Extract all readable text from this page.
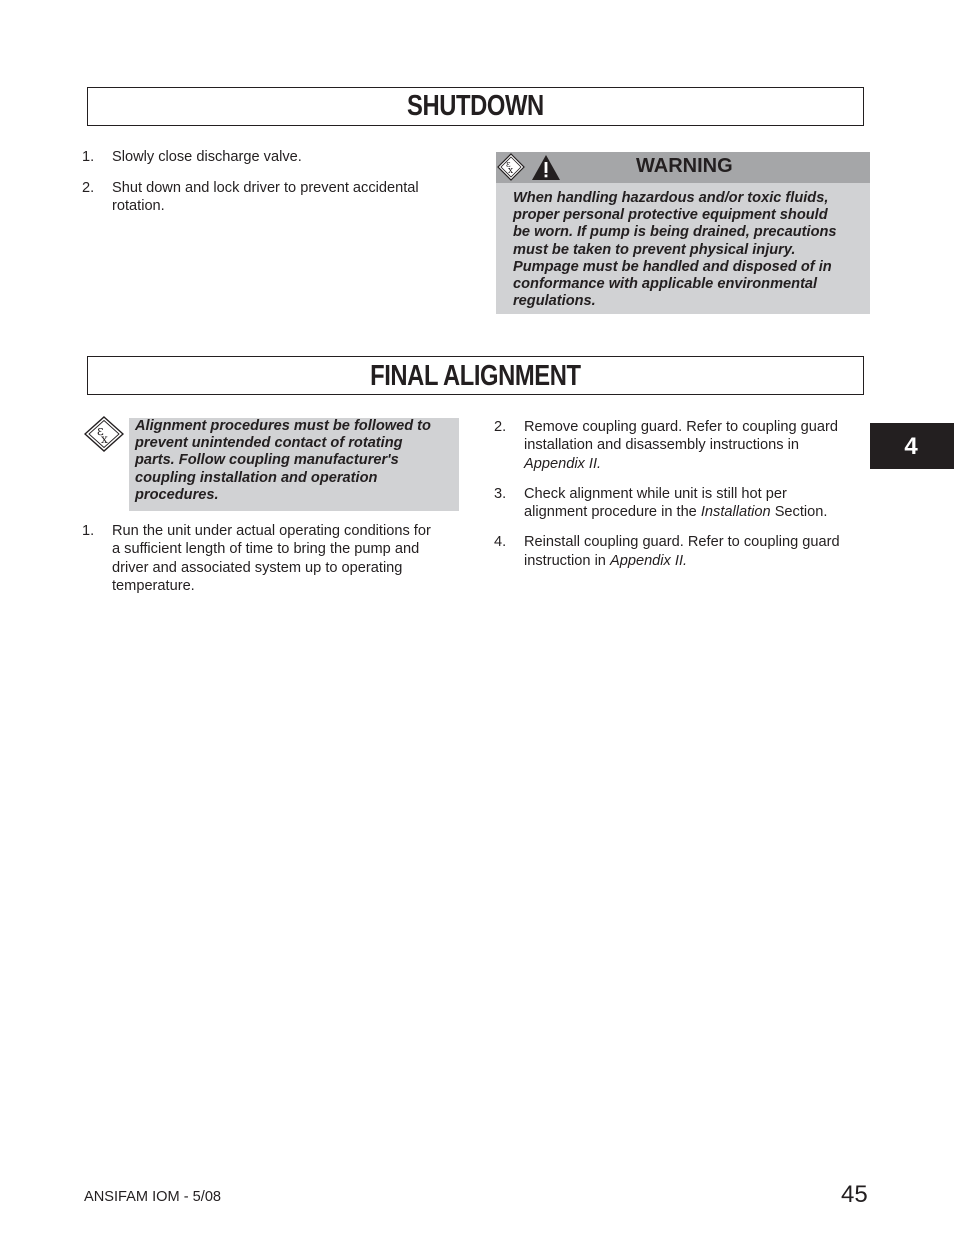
SHUTDOWN
1. Slowly close discharge valve.
2. Shut down and lock driver to prevent accidental
rotation.
ε
x	WARNING
When handling hazardous and/or toxic fluids,
proper personal protective equipment should
be worn. If pump is being drained, precautions
must be taken to prevent physical injury.
Pumpage must be handled and disposed of in
conformance with applicable environmental
regulations.
FINAL ALIGNMENT
ε
x
Alignment procedures must be followed to
prevent unintended contact of rotating
parts. Follow coupling manufacturer's
coupling installation and operation
procedures.
1. Run the unit under actual operating conditions for
a sufficient length of time to bring the pump and
driver and associated system up to operating
temperature.
2. Remove coupling guard. Refer to coupling guard
installation and disassembly instructions in
Appendix II.
3. Check alignment while unit is still hot per
alignment procedure in the Installation Section.
4. Reinstall coupling guard. Refer to coupling guard
instruction in Appendix II.
4
ANSIFAM IOM - 5/08	45
